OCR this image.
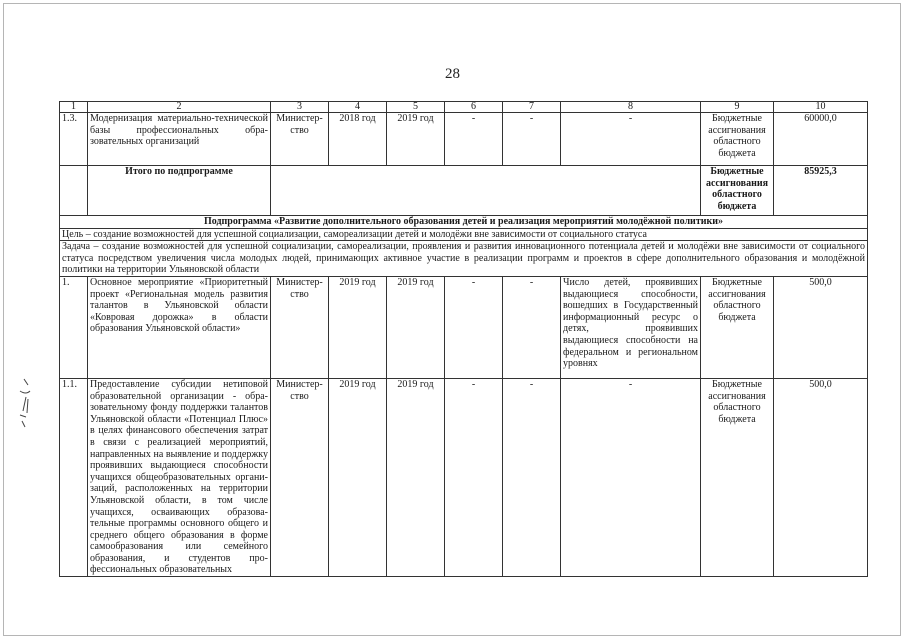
28
1	2	3	4	5	6	7	8	9	10
1.3.	Модернизация материально-технической базы профессиональных образовательных организаций	Министерство	2018 год	2019 год	-	-	-	Бюджетные ассигнования областного бюджета	60000,0
	Итого по подпрограмме							Бюджетные ассигнования областного бюджета	85925,3
Подпрограмма «Развитие дополнительного образования детей и реализация мероприятий молодёжной политики»									
Цель – создание возможностей для успешной социализации, самореализации детей и молодёжи вне зависимости от социального статуса									
Задача – создание возможностей для успешной социализации, самореализации, проявления и развития инновационного потенциала детей и молодёжи вне зависимости от социального статуса посредством увеличения числа молодых людей, принимающих активное участие в реализации программ и проектов в сфере дополнительного образования и молодёжной политики на территории Ульяновской области									
1.	Основное мероприятие «Приоритетный проект «Региональная модель развития талантов в Ульяновской области «Ковровая дорожка» в области образования Ульяновской области»	Министерство	2019 год	2019 год	-	-	Число детей, проявивших выдающиеся способности, вошедших в Государственный информационный ресурс о детях, проявивших выдающиеся способности на федеральном и региональном уровнях	Бюджетные ассигнования областного бюджета	500,0
1.1.	Предоставление субсидии нетиповой образовательной организации - образовательному фонду поддержки талантов Ульяновской области «Потенциал Плюс» в целях финансового обеспечения затрат в связи с реализацией мероприятий, направленных на выявление и поддержку проявивших выдающиеся способности учащихся общеобразовательных организаций, расположенных на территории Ульяновской области, в том числе учащихся, осваивающих образовательные программы основного общего и среднего общего образования в форме самообразования или семейного образования, и студентов профессиональных образовательных	Министерство	2019 год	2019 год	-	-	-	Бюджетные ассигнования областного бюджета	500,0
